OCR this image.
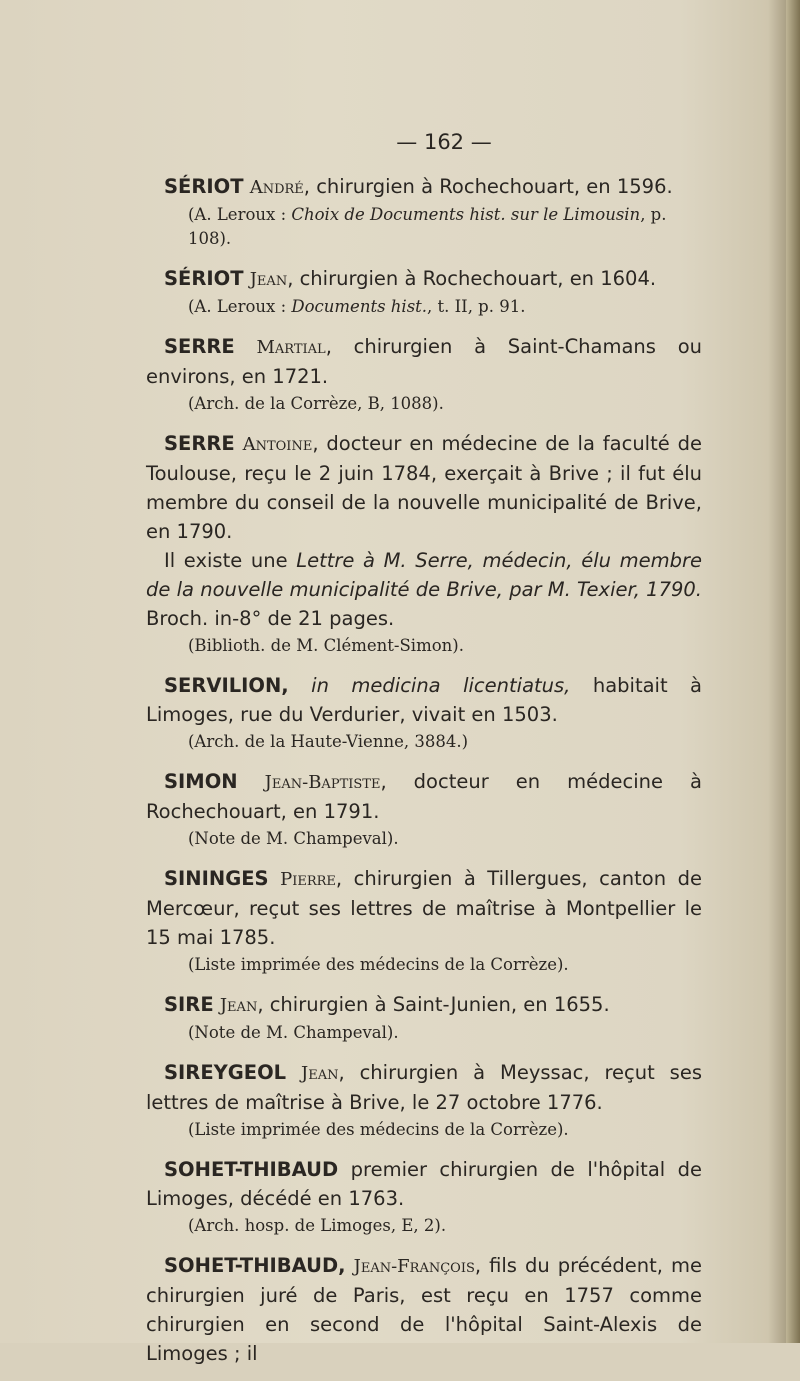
— 162 —

SÉRIOT André, chirurgien à Rochechouart, en 1596.

(A. Leroux : Choix de Documents hist. sur le Limousin, p. 108).

SÉRIOT Jean, chirurgien à Rochechouart, en 1604.

(A. Leroux : Documents hist., t. II, p. 91.

SERRE Martial, chirurgien à Saint-Chamans ou environs, en 1721.

(Arch. de la Corrèze, B, 1088).

SERRE Antoine, docteur en médecine de la faculté de Toulouse, reçu le 2 juin 1784, exerçait à Brive ; il fut élu membre du conseil de la nouvelle municipalité de Brive, en 1790.

Il existe une Lettre à M. Serre, médecin, élu membre de la nouvelle municipalité de Brive, par M. Texier, 1790. Broch. in-8° de 21 pages.

(Biblioth. de M. Clément-Simon).

SERVILION, in medicina licentiatus, habitait à Limoges, rue du Verdurier, vivait en 1503.

(Arch. de la Haute-Vienne, 3884.)

SIMON Jean-Baptiste, docteur en médecine à Rochechouart, en 1791.

(Note de M. Champeval).

SININGES Pierre, chirurgien à Tillergues, canton de Mercœur, reçut ses lettres de maîtrise à Montpellier le 15 mai 1785.

(Liste imprimée des médecins de la Corrèze).

SIRE Jean, chirurgien à Saint-Junien, en 1655.

(Note de M. Champeval).

SIREYGEOL Jean, chirurgien à Meyssac, reçut ses lettres de maîtrise à Brive, le 27 octobre 1776.

(Liste imprimée des médecins de la Corrèze).

SOHET-THIBAUD premier chirurgien de l'hôpital de Limoges, décédé en 1763.

(Arch. hosp. de Limoges, E, 2).

SOHET-THIBAUD, Jean-François, fils du précédent, me chirurgien juré de Paris, est reçu en 1757 comme chirurgien en second de l'hôpital Saint-Alexis de Limoges ; il
